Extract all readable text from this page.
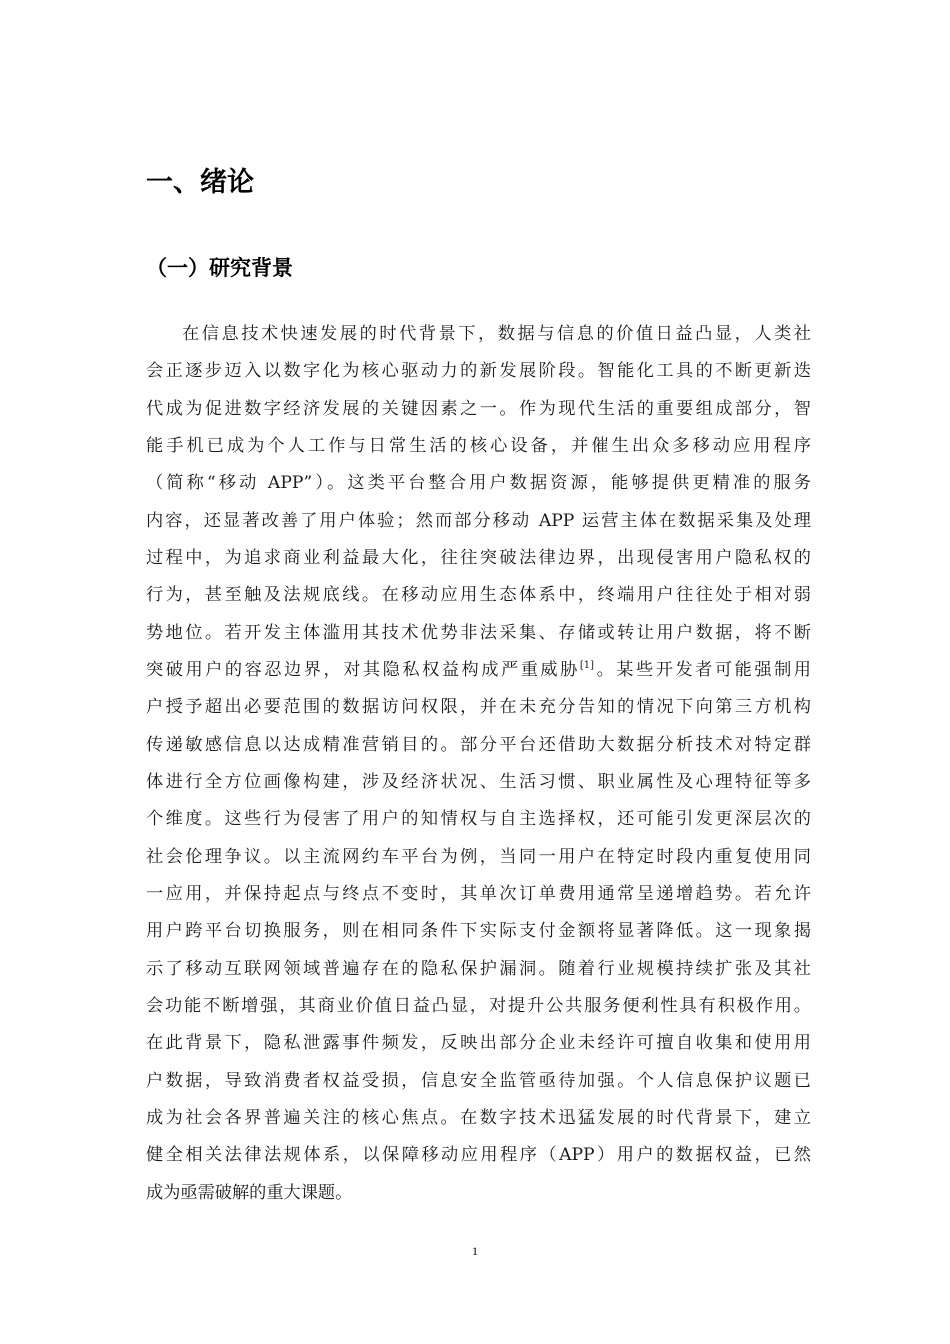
一、绪论
（一）研究背景
在信息技术快速发展的时代背景下，数据与信息的价值日益凸显，人类社
会正逐步迈入以数字化为核心驱动力的新发展阶段。智能化工具的不断更新迭
代成为促进数字经济发展的关键因素之一。作为现代生活的重要组成部分，智
能手机已成为个人工作与日常生活的核心设备，并催生出众多移动应用程序
（简称“移动 APP”）。这类平台整合用户数据资源，能够提供更精准的服务
内容，还显著改善了用户体验；然而部分移动 APP 运营主体在数据采集及处理
过程中，为追求商业利益最大化，往往突破法律边界，出现侵害用户隐私权的
行为，甚至触及法规底线。在移动应用生态体系中，终端用户往往处于相对弱
势地位。若开发主体滥用其技术优势非法采集、存储或转让用户数据，将不断
突破用户的容忍边界，对其隐私权益构成严重威胁[1]。某些开发者可能强制用
户授予超出必要范围的数据访问权限，并在未充分告知的情况下向第三方机构
传递敏感信息以达成精准营销目的。部分平台还借助大数据分析技术对特定群
体进行全方位画像构建，涉及经济状况、生活习惯、职业属性及心理特征等多
个维度。这些行为侵害了用户的知情权与自主选择权，还可能引发更深层次的
社会伦理争议。以主流网约车平台为例，当同一用户在特定时段内重复使用同
一应用，并保持起点与终点不变时，其单次订单费用通常呈递增趋势。若允许
用户跨平台切换服务，则在相同条件下实际支付金额将显著降低。这一现象揭
示了移动互联网领域普遍存在的隐私保护漏洞。随着行业规模持续扩张及其社
会功能不断增强，其商业价值日益凸显，对提升公共服务便利性具有积极作用。
在此背景下，隐私泄露事件频发，反映出部分企业未经许可擅自收集和使用用
户数据，导致消费者权益受损，信息安全监管亟待加强。个人信息保护议题已
成为社会各界普遍关注的核心焦点。在数字技术迅猛发展的时代背景下，建立
健全相关法律法规体系，以保障移动应用程序（APP）用户的数据权益，已然
成为亟需破解的重大课题。
1
